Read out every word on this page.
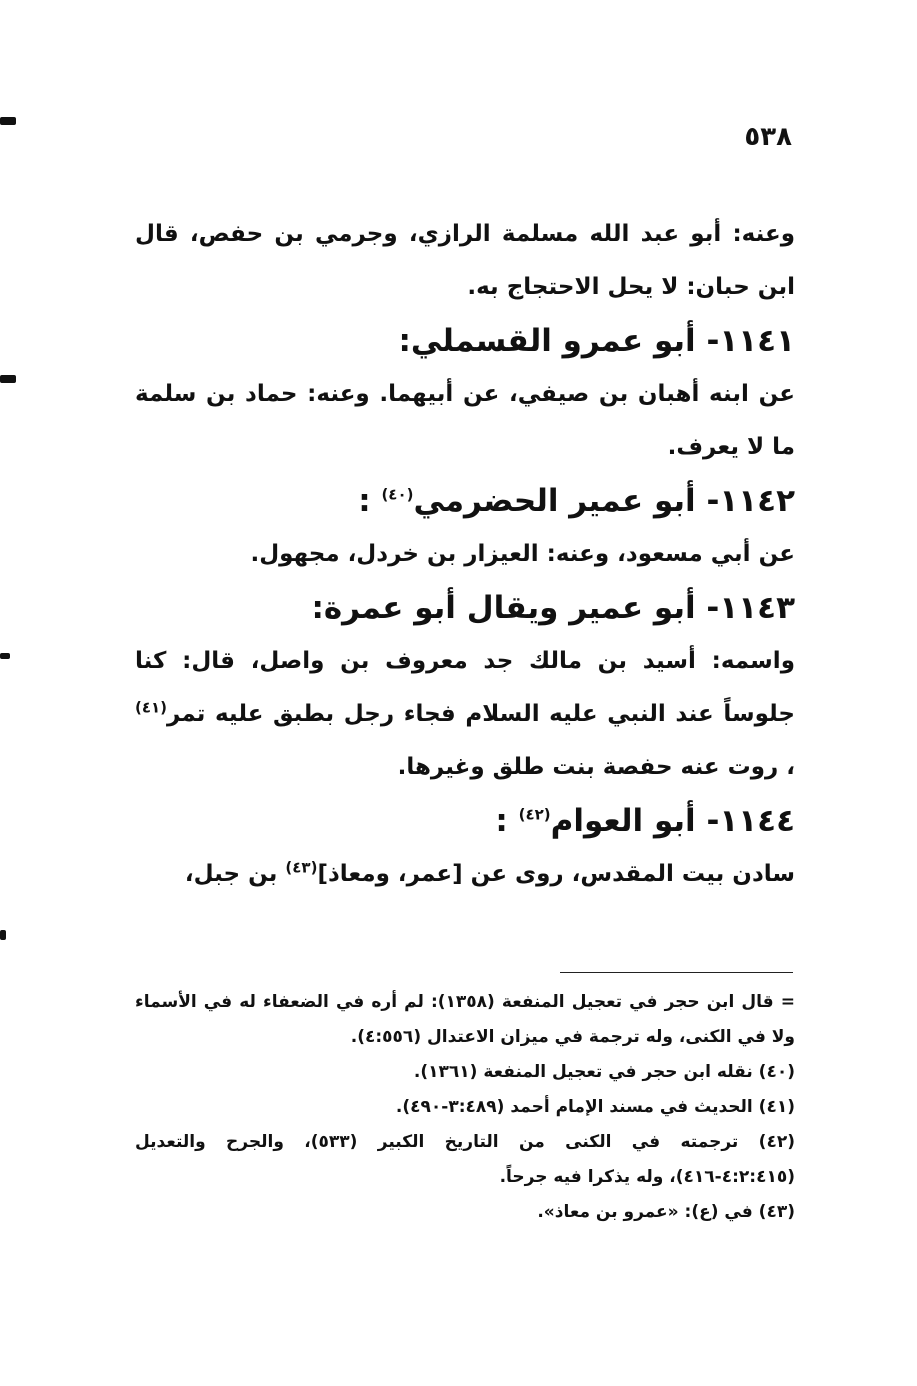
٥٣٨

وعنه: أبو عبد الله مسلمة الرازي، وجرمي بن حفص، قال ابن حبان: لا يحل الاحتجاج به.

١١٤١- أبو عمرو القسملي:

عن ابنه أهبان بن صيفي، عن أبيهما. وعنه: حماد بن سلمة ما لا يعرف.

١١٤٢- أبو عمير الحضرمي$^{(٤٠)}$ :

عن أبي مسعود، وعنه: العيزار بن خردل، مجهول.

١١٤٣- أبو عمير ويقال أبو عمرة:

واسمه: أسيد بن مالك جد معروف بن واصل، قال: كنا جلوساً عند النبي عليه السلام فجاء رجل بطبق عليه تمر$^{(٤١)}$ ، روت عنه حفصة بنت طلق وغيرها.

١١٤٤- أبو العوام$^{(٤٢)}$ :

سادن بيت المقدس، روى عن [عمر، ومعاذ]$^{(٤٣)}$ بن جبل،

= قال ابن حجر في تعجيل المنفعة (١٣٥٨): لم أره في الضعفاء له في الأسماء ولا في الكنى، وله ترجمة في ميزان الاعتدال (٤:٥٥٦).

(٤٠) نقله ابن حجر في تعجيل المنفعة (١٣٦١).

(٤١) الحديث في مسند الإمام أحمد (٣:٤٨٩-٤٩٠).

(٤٢) ترجمته في الكنى من التاريخ الكبير (٥٣٣)، والجرح والتعديل (٤:٢:٤١٥-٤١٦)، وله يذكرا فيه جرحاً.

(٤٣) في (ع): «عمرو بن معاذ».
